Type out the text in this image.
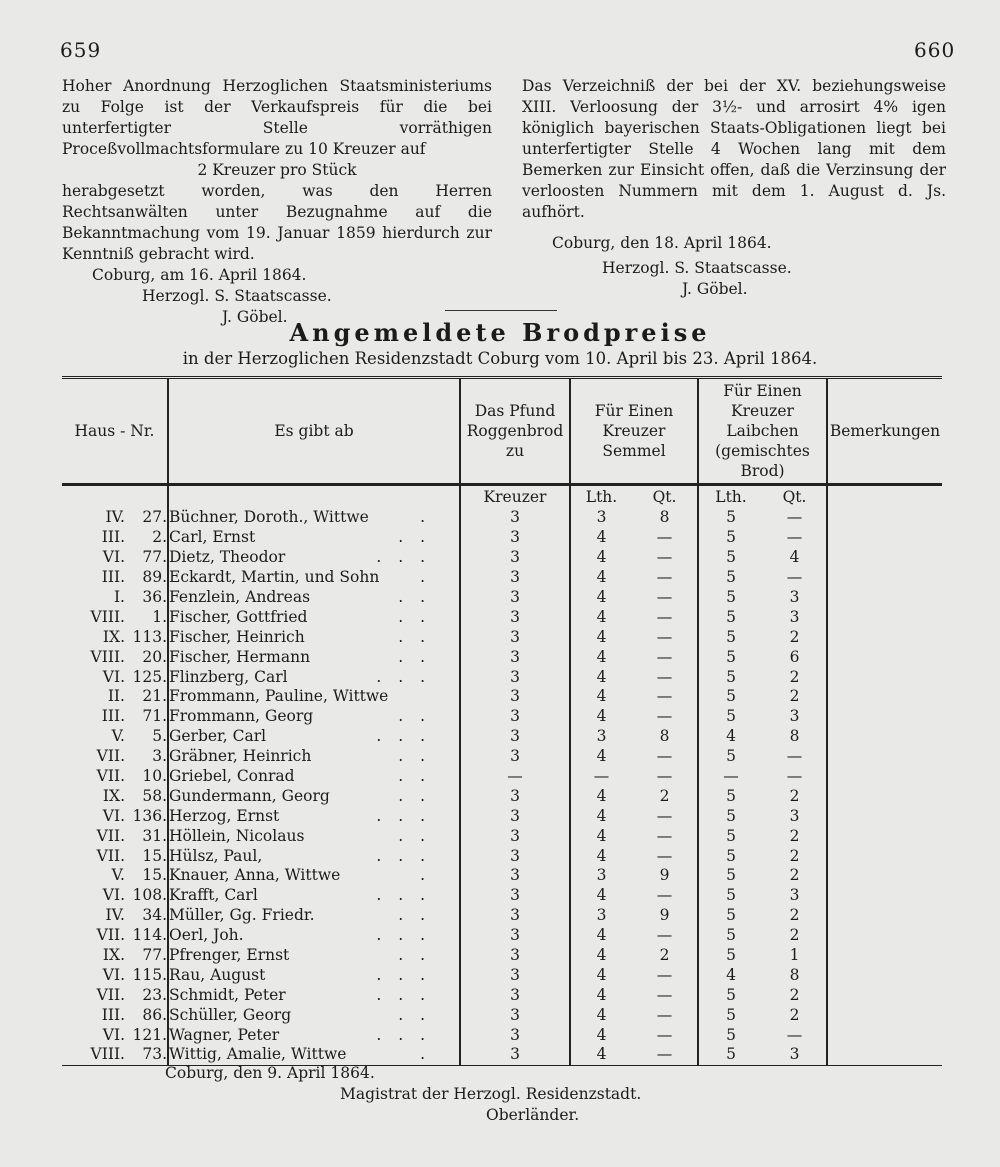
659	660

Hoher Anordnung Herzoglichen Staatsministeriums zu Folge ist der Verkaufspreis für die bei unterfertigter Stelle vorräthigen Proceßvollmachtsformulare zu 10 Kreuzer auf

2 Kreuzer pro Stück

herabgesetzt worden, was den Herren Rechtsanwälten unter Bezugnahme auf die Bekanntmachung vom 19. Januar 1859 hierdurch zur Kenntniß gebracht wird.

Coburg, am 16. April 1864.

Herzogl. S. Staatscasse.

J. Göbel.

Das Verzeichniß der bei der XV. beziehungsweise XIII. Verloosung der 3½- und arrosirt 4% igen königlich bayerischen Staats-Obligationen liegt bei unterfertigter Stelle 4 Wochen lang mit dem Bemerken zur Einsicht offen, daß die Verzinsung der verloosten Nummern mit dem 1. August d. Js. aufhört.

Coburg, den 18. April 1864.

Herzogl. S. Staatscasse.

J. Göbel.

Angemeldete Brodpreise
in der Herzoglichen Residenzstadt Coburg vom 10. April bis 23. April 1864.
Haus - Nr.	Es gibt ab	Das Pfund Roggenbrod zu	Für Einen Kreuzer Semmel		Für Einen Kreuzer Laibchen (gemischtes Brod)		Bemerkungen
		Kreuzer	Lth.	Qt.	Lth.	Qt.	
IV. 27.	Büchner, Doroth., Wittwe .	3	3	8	5	—	
III. 2.	Carl, Ernst . .	3	4	—	5	—	
VI. 77.	Dietz, Theodor . . .	3	4	—	5	4	
III. 89.	Eckardt, Martin, und Sohn .	3	4	—	5	—	
I. 36.	Fenzlein, Andreas . .	3	4	—	5	3	
VIII. 1.	Fischer, Gottfried . .	3	4	—	5	3	
IX. 113.	Fischer, Heinrich . .	3	4	—	5	2	
VIII. 20.	Fischer, Hermann . .	3	4	—	5	6	
VI. 125.	Flinzberg, Carl . . .	3	4	—	5	2	
II. 21.	Frommann, Pauline, Wittwe	3	4	—	5	2	
III. 71.	Frommann, Georg . .	3	4	—	5	3	
V. 5.	Gerber, Carl . . .	3	3	8	4	8	
VII. 3.	Gräbner, Heinrich . .	3	4	—	5	—	
VII. 10.	Griebel, Conrad . .	—	—	—	—	—	
IX. 58.	Gundermann, Georg . .	3	4	2	5	2	
VI. 136.	Herzog, Ernst . . .	3	4	—	5	3	
VII. 31.	Höllein, Nicolaus . .	3	4	—	5	2	
VII. 15.	Hülsz, Paul, . . .	3	4	—	5	2	
V. 15.	Knauer, Anna, Wittwe .	3	3	9	5	2	
VI. 108.	Krafft, Carl . . .	3	4	—	5	3	
IV. 34.	Müller, Gg. Friedr. . .	3	3	9	5	2	
VII. 114.	Oerl, Joh. . . .	3	4	—	5	2	
IX. 77.	Pfrenger, Ernst . .	3	4	2	5	1	
VI. 115.	Rau, August . . .	3	4	—	4	8	
VII. 23.	Schmidt, Peter . . .	3	4	—	5	2	
III. 86.	Schüller, Georg . .	3	4	—	5	2	
VI. 121.	Wagner, Peter . . .	3	4	—	5	—	
VIII. 73.	Wittig, Amalie, Wittwe .	3	4	—	5	3	
Coburg, den 9. April 1864.
Magistrat der Herzogl. Residenzstadt.
Oberländer.
